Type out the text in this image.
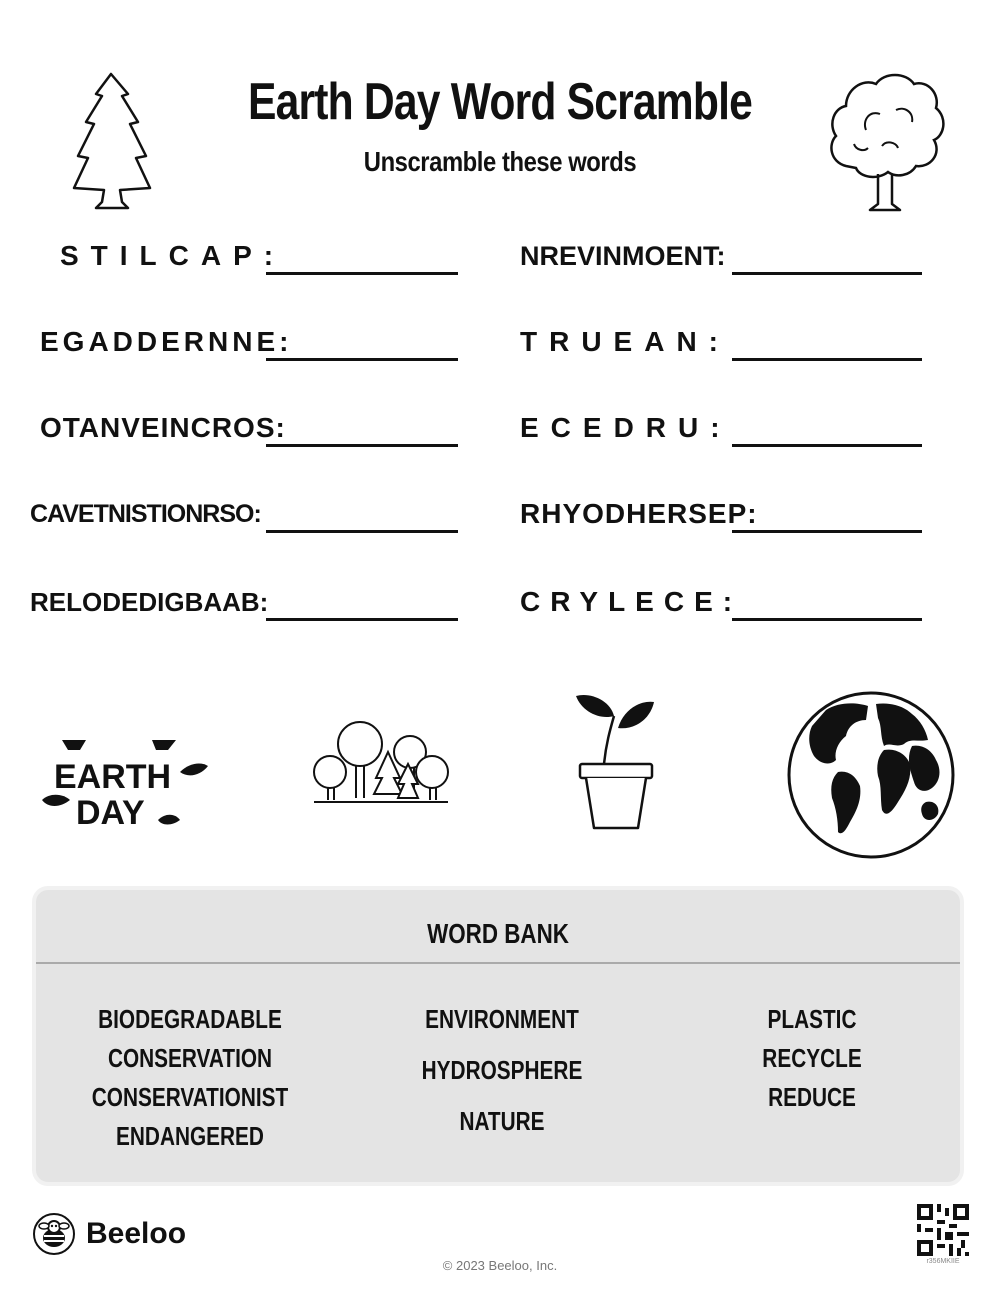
Earth Day Word Scramble
Unscramble these words
STILCAP:
EGADDERNNE:
OTANVEINCROS:
CAVETNISTIONRSO:
RELODEDIGBAAB:
NREVINMOENT:
TRUEAN:
ECEDRU:
RHYODHERSEP:
CRYLECE:
EARTH
DAY
WORD BANK
BIODEGRADABLE
CONSERVATION
CONSERVATIONIST
ENDANGERED
ENVIRONMENT
HYDROSPHERE
NATURE
PLASTIC
RECYCLE
REDUCE
Beeloo
© 2023 Beeloo, Inc.	r356MKIIE
